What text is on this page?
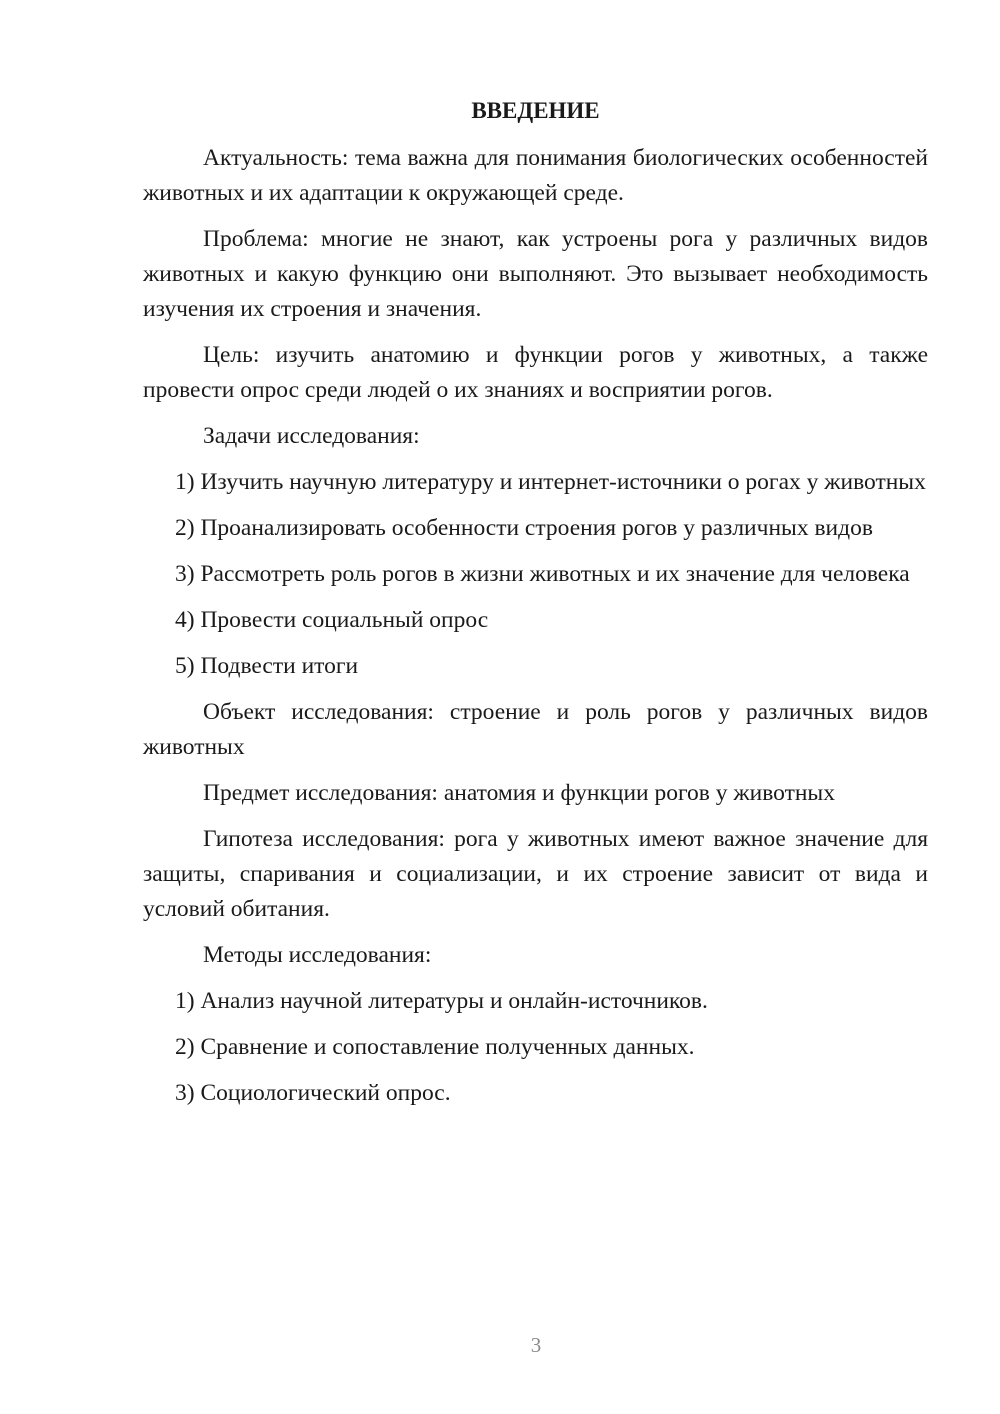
ВВЕДЕНИЕ

Актуальность: тема важна для понимания биологических особенностей животных и их адаптации к окружающей среде.

Проблема: многие не знают, как устроены рога у различных видов животных и какую функцию они выполняют. Это вызывает необходимость изучения их строения и значения.

Цель: изучить анатомию и функции рогов у животных, а также провести опрос среди людей о их знаниях и восприятии рогов.

Задачи исследования:

1) Изучить научную литературу и интернет-источники о рогах у животных

2) Проанализировать особенности строения рогов у различных видов

3) Рассмотреть роль рогов в жизни животных и их значение для человека

4) Провести социальный опрос

5) Подвести итоги

Объект исследования: строение и роль рогов у различных видов животных

Предмет исследования: анатомия и функции рогов у животных

Гипотеза исследования: рога у животных имеют важное значение для защиты, спаривания и социализации, и их строение зависит от вида и условий обитания.

Методы исследования:

1) Анализ научной литературы и онлайн-источников.

2) Сравнение и сопоставление полученных данных.

3) Социологический опрос.

3
